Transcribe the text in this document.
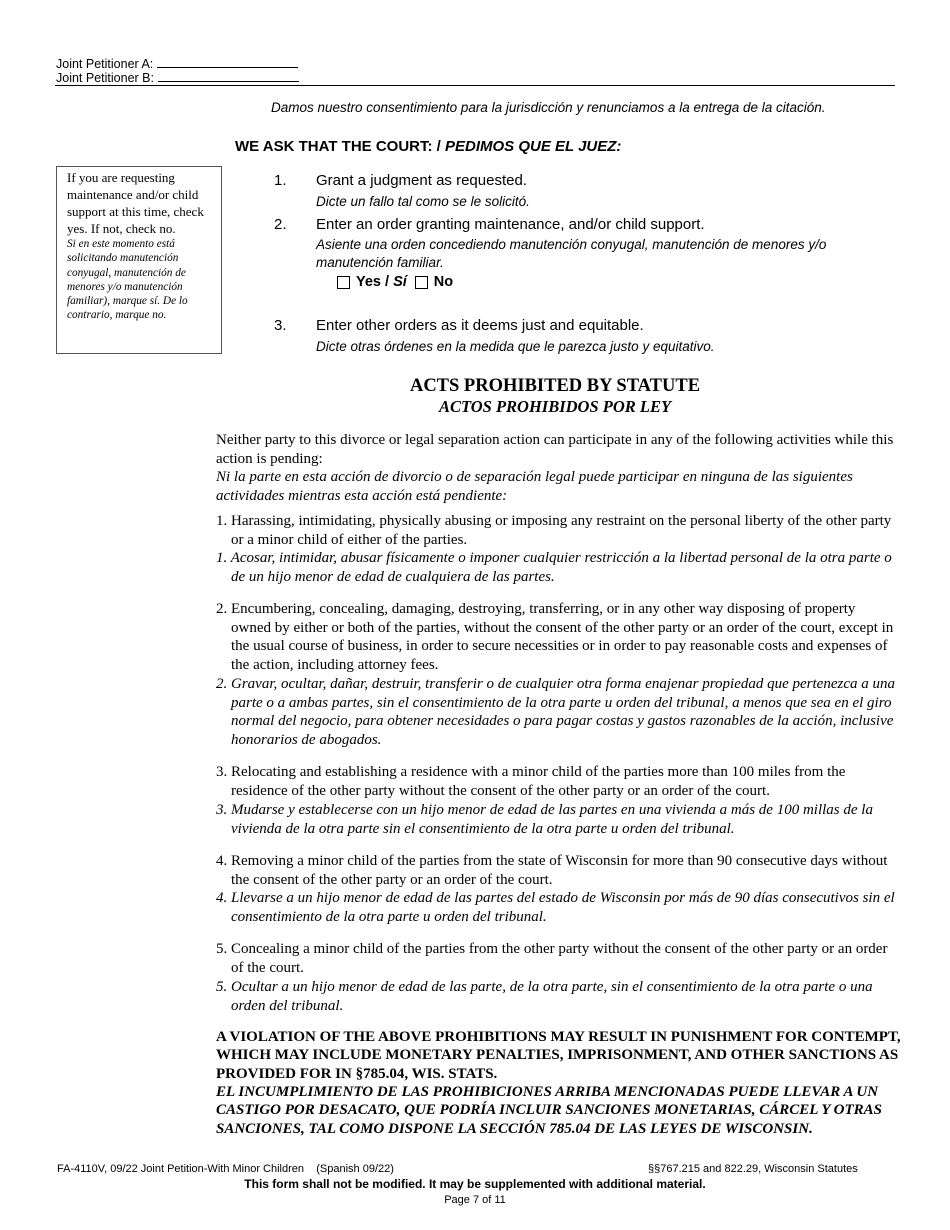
Joint Petitioner A:
Joint Petitioner B:
Damos nuestro consentimiento para la jurisdicción y renunciamos a la entrega de la citación.
WE ASK THAT THE COURT: / PEDIMOS QUE EL JUEZ:
If you are requesting
maintenance and/or child
support at this time, check
yes. If not, check no.
Si en este momento está
solicitando manutención
conyugal, manutención de
menores y/o manutención
familiar), marque sí. De lo
contrario, marque no.
1. Grant a judgment as requested.
Dicte un fallo tal como se le solicitó.
2. Enter an order granting maintenance, and/or child support.
Asiente una orden concediendo manutención conyugal, manutención de menores y/o
manutención familiar.
Yes / Sí No
3. Enter other orders as it deems just and equitable.
Dicte otras órdenes en la medida que le parezca justo y equitativo.
ACTS PROHIBITED BY STATUTE
ACTOS PROHIBIDOS POR LEY
Neither party to this divorce or legal separation action can participate in any of the following activities while this action is pending:
Ni la parte en esta acción de divorcio o de separación legal puede participar en ninguna de las siguientes actividades mientras esta acción está pendiente:
1. Harassing, intimidating, physically abusing or imposing any restraint on the personal liberty of the other party or a minor child of either of the parties.
1. Acosar, intimidar, abusar físicamente o imponer cualquier restricción a la libertad personal de la otra parte o de un hijo menor de edad de cualquiera de las partes.
2. Encumbering, concealing, damaging, destroying, transferring, or in any other way disposing of property owned by either or both of the parties, without the consent of the other party or an order of the court, except in the usual course of business, in order to secure necessities or in order to pay reasonable costs and expenses of the action, including attorney fees.
2. Gravar, ocultar, dañar, destruir, transferir o de cualquier otra forma enajenar propiedad que pertenezca a una parte o a ambas partes, sin el consentimiento de la otra parte u orden del tribunal, a menos que sea en el giro normal del negocio, para obtener necesidades o para pagar costas y gastos razonables de la acción, inclusive honorarios de abogados.
3. Relocating and establishing a residence with a minor child of the parties more than 100 miles from the residence of the other party without the consent of the other party or an order of the court.
3. Mudarse y establecerse con un hijo menor de edad de las partes en una vivienda a más de 100 millas de la vivienda de la otra parte sin el consentimiento de la otra parte u orden del tribunal.
4. Removing a minor child of the parties from the state of Wisconsin for more than 90 consecutive days without the consent of the other party or an order of the court.
4. Llevarse a un hijo menor de edad de las partes del estado de Wisconsin por más de 90 días consecutivos sin el consentimiento de la otra parte u orden del tribunal.
5. Concealing a minor child of the parties from the other party without the consent of the other party or an order of the court.
5. Ocultar a un hijo menor de edad de las parte, de la otra parte, sin el consentimiento de la otra parte o una orden del tribunal.
A VIOLATION OF THE ABOVE PROHIBITIONS MAY RESULT IN PUNISHMENT FOR CONTEMPT, WHICH MAY INCLUDE MONETARY PENALTIES, IMPRISONMENT, AND OTHER SANCTIONS AS PROVIDED FOR IN §785.04, WIS. STATS.
EL INCUMPLIMIENTO DE LAS PROHIBICIONES ARRIBA MENCIONADAS PUEDE LLEVAR A UN CASTIGO POR DESACATO, QUE PODRÍA INCLUIR SANCIONES MONETARIAS, CÁRCEL Y OTRAS SANCIONES, TAL COMO DISPONE LA SECCIÓN 785.04 DE LAS LEYES DE WISCONSIN.
FA-4110V, 09/22 Joint Petition-With Minor Children    (Spanish 09/22)	§§767.215 and 822.29, Wisconsin Statutes
This form shall not be modified. It may be supplemented with additional material.
Page 7 of 11
